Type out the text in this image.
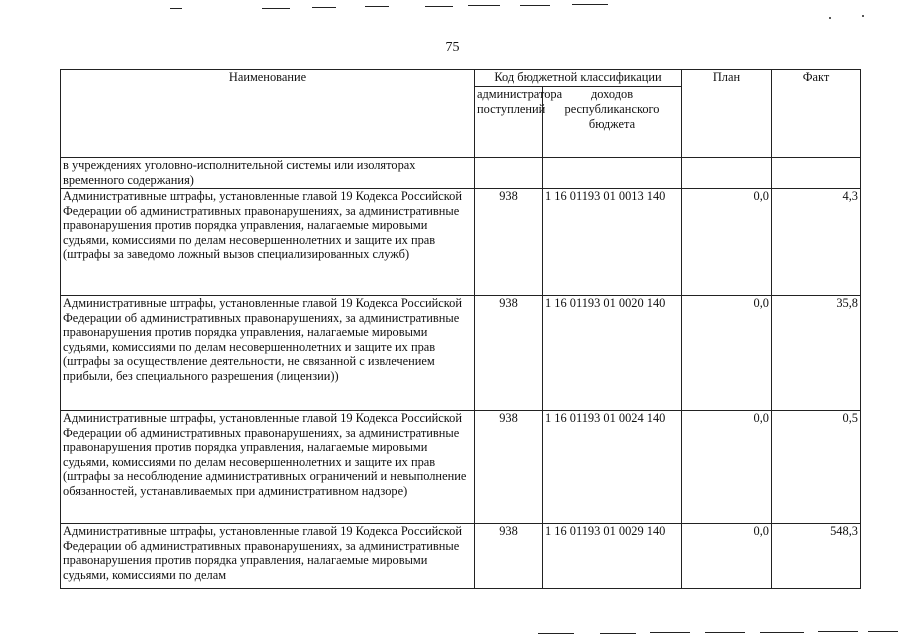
75
Наименование	Код бюджетной классификации		План	Факт
	администратора поступлений	доходов республиканского бюджета		
в учреждениях уголовно-исполнительной системы или изоляторах временного содержания)				
Административные штрафы, установленные главой 19 Кодекса Российской Федерации об административных правонарушениях, за административные правонарушения против порядка управления, налагаемые мировыми судьями, комиссиями по делам несовершеннолетних и защите их прав (штрафы за заведомо ложный вызов специализированных служб)	938	1 16 01193 01 0013 140	0,0	4,3
Административные штрафы, установленные главой 19 Кодекса Российской Федерации об административных правонарушениях, за административные правонарушения против порядка управления, налагаемые мировыми судьями, комиссиями по делам несовершеннолетних и защите их прав (штрафы за осуществление деятельности, не связанной с извлечением прибыли, без специального разрешения (лицензии))	938	1 16 01193 01 0020 140	0,0	35,8
Административные штрафы, установленные главой 19 Кодекса Российской Федерации об административных правонарушениях, за административные правонарушения против порядка управления, налагаемые мировыми судьями, комиссиями по делам несовершеннолетних и защите их прав (штрафы за несоблюдение административных ограничений и невыполнение обязанностей, устанавливаемых при административном надзоре)	938	1 16 01193 01 0024 140	0,0	0,5
Административные штрафы, установленные главой 19 Кодекса Российской Федерации об административных правонарушениях, за административные правонарушения против порядка управления, налагаемые мировыми судьями, комиссиями по делам	938	1 16 01193 01 0029 140	0,0	548,3
